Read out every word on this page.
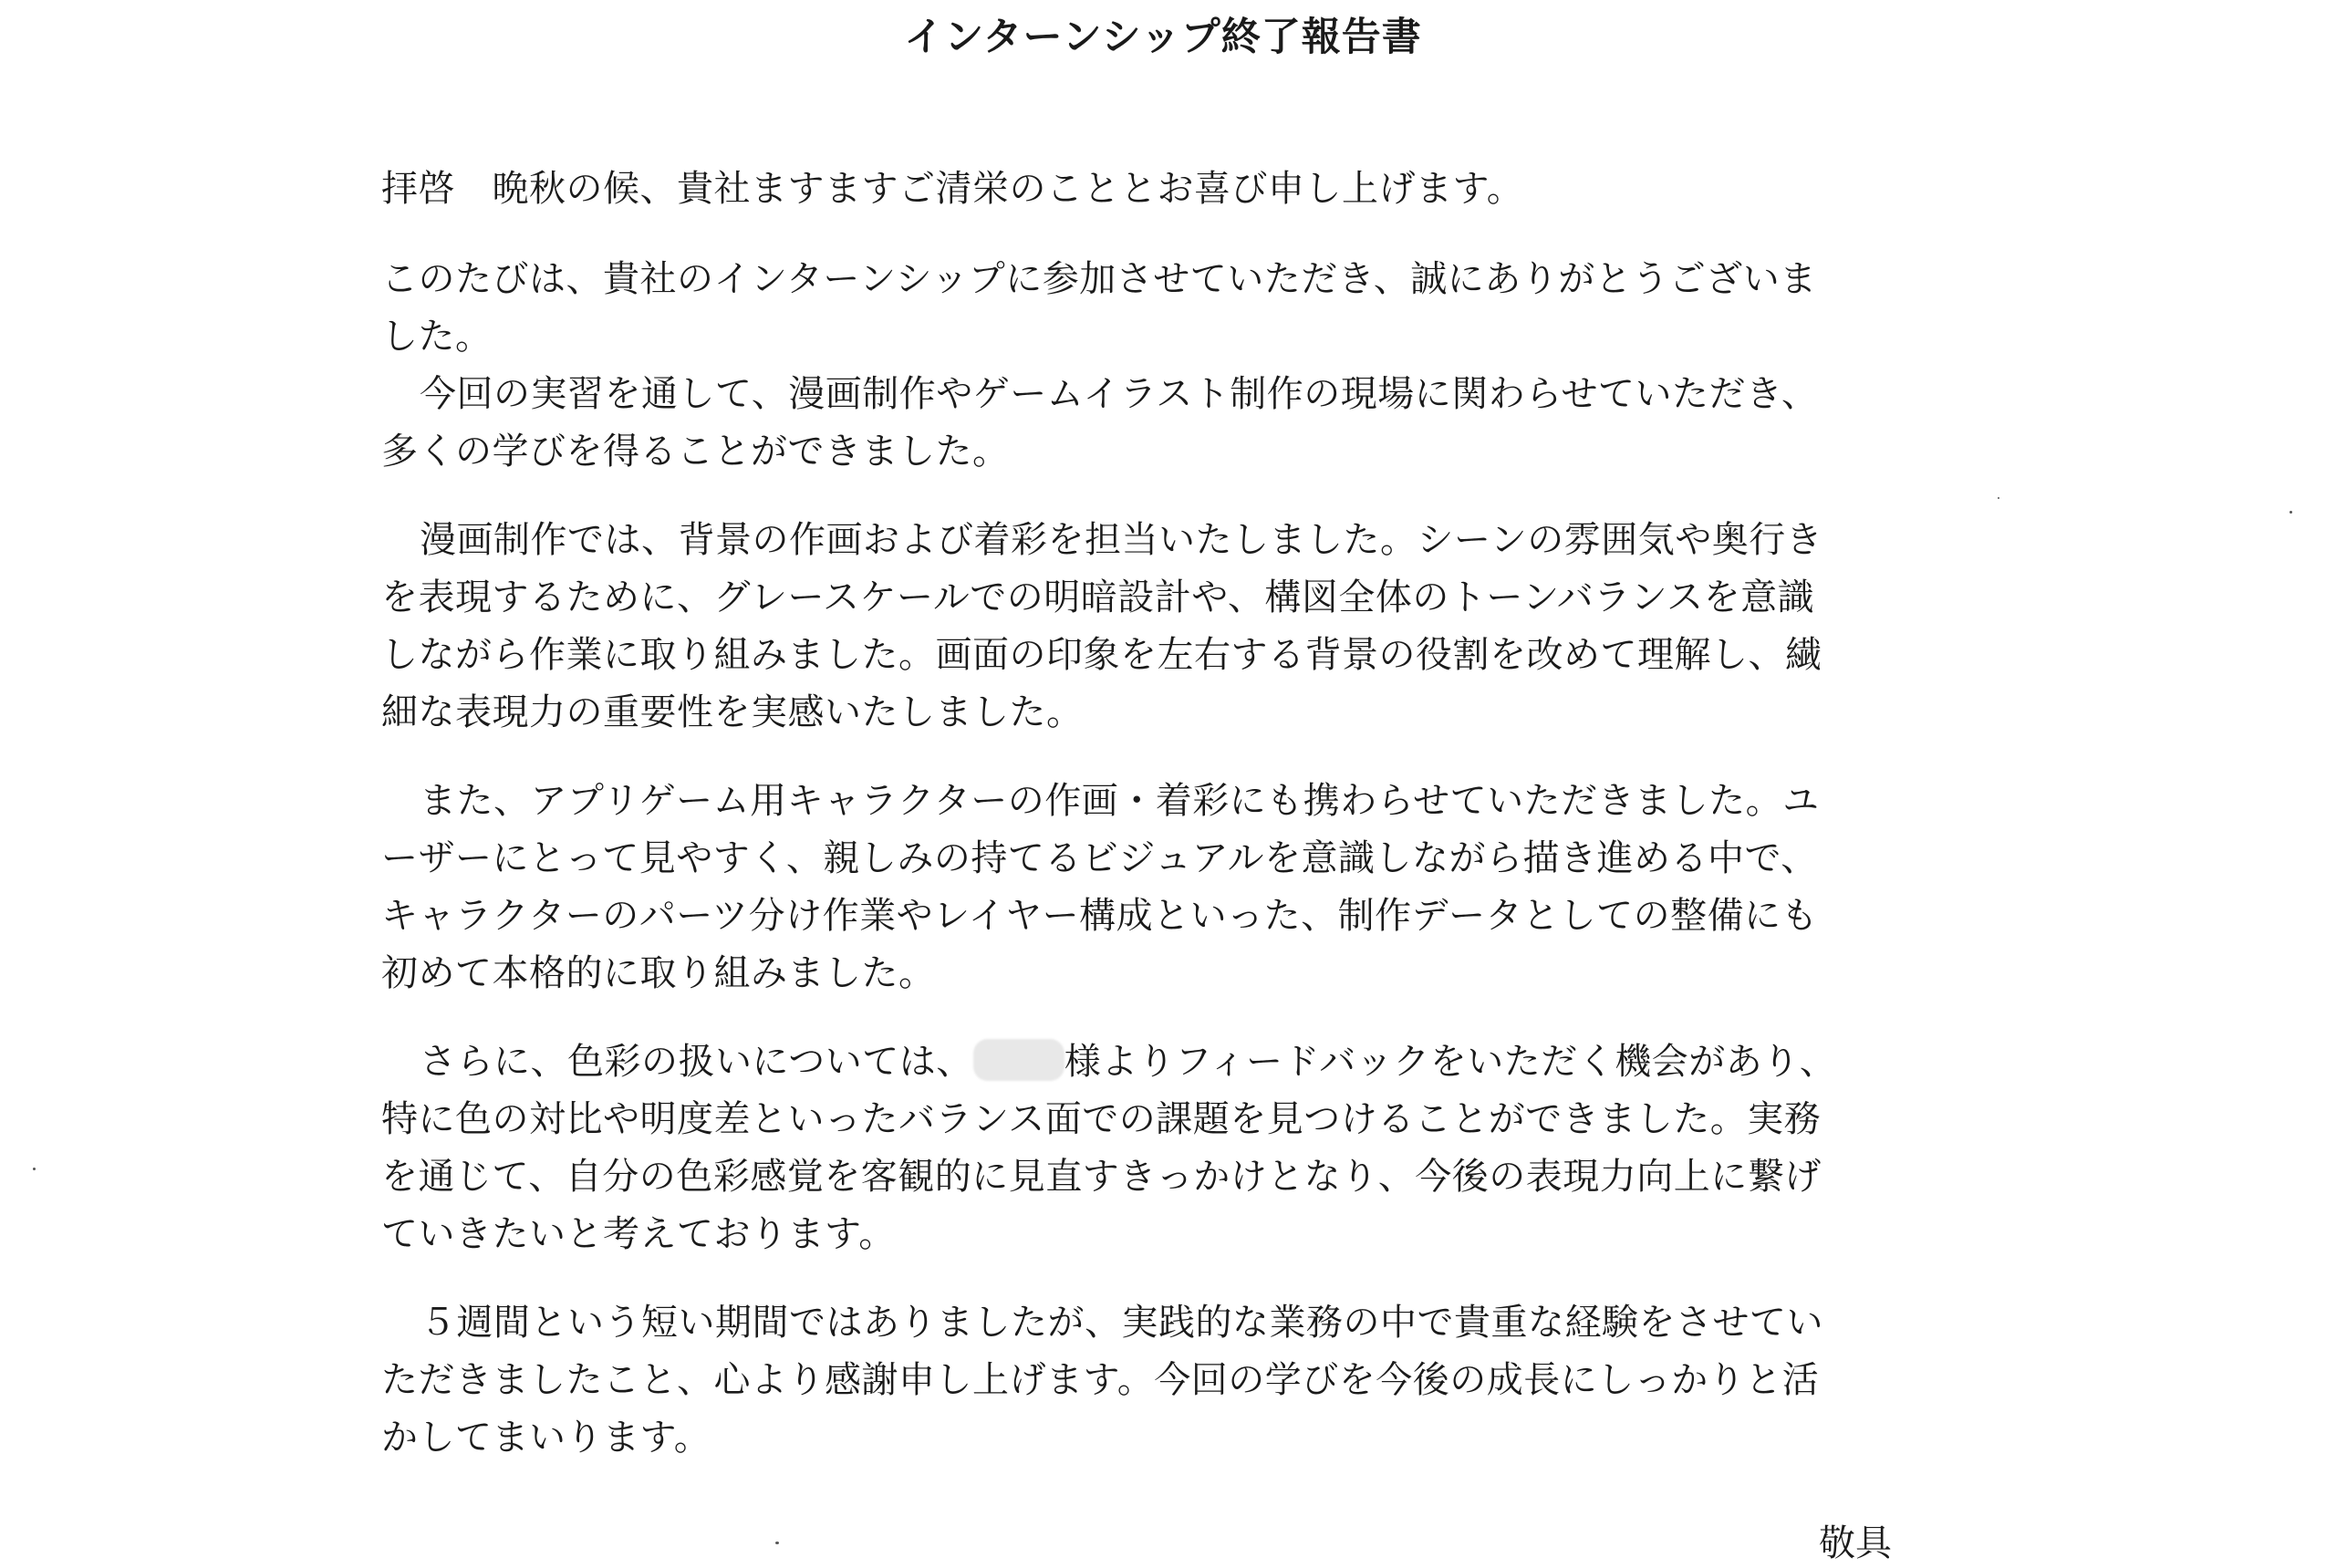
インターンシップ終了報告書

拝啓　晩秋の候、貴社ますますご清栄のこととお喜び申し上げます。

このたびは、貴社のインターンシップに参加させていただき、誠にありがとうございま
した。
今回の実習を通して、漫画制作やゲームイラスト制作の現場に関わらせていただき、
多くの学びを得ることができました。

漫画制作では、背景の作画および着彩を担当いたしました。シーンの雰囲気や奥行き
を表現するために、グレースケールでの明暗設計や、構図全体のトーンバランスを意識
しながら作業に取り組みました。画面の印象を左右する背景の役割を改めて理解し、繊
細な表現力の重要性を実感いたしました。

また、アプリゲーム用キャラクターの作画・着彩にも携わらせていただきました。ユ
ーザーにとって見やすく、親しみの持てるビジュアルを意識しながら描き進める中で、
キャラクターのパーツ分け作業やレイヤー構成といった、制作データとしての整備にも
初めて本格的に取り組みました。

さらに、色彩の扱いについては、	様よりフィードバックをいただく機会があり、
特に色の対比や明度差といったバランス面での課題を見つけることができました。実務
を通じて、自分の色彩感覚を客観的に見直すきっかけとなり、今後の表現力向上に繋げ
ていきたいと考えております。

５週間という短い期間ではありましたが、実践的な業務の中で貴重な経験をさせてい
ただきましたこと、心より感謝申し上げます。今回の学びを今後の成長にしっかりと活
かしてまいります。

敬具
